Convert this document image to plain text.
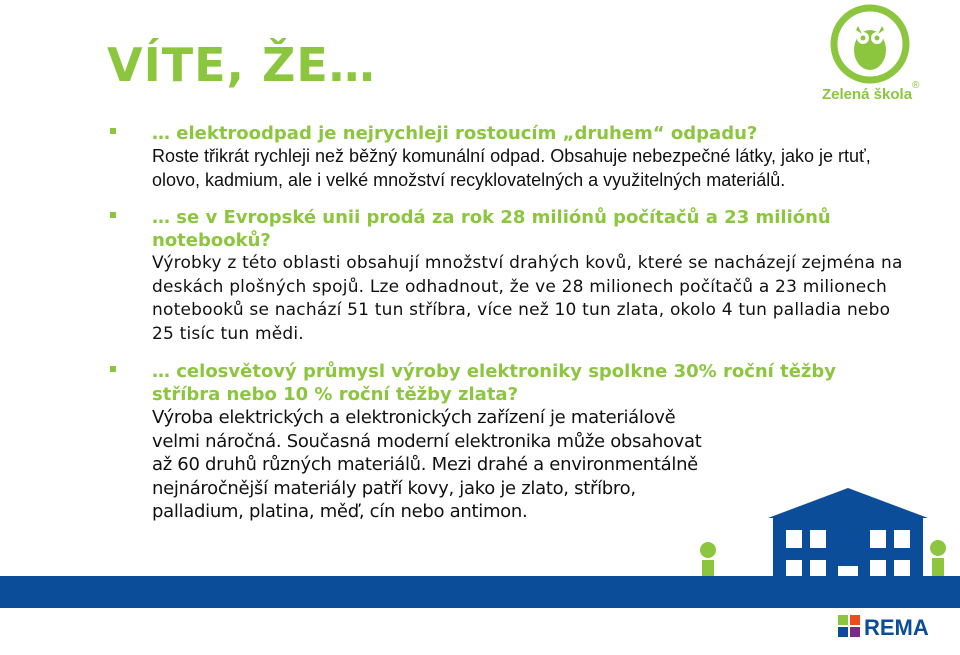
VÍTE, ŽE…
Zelená škola
®

… elektroodpad je nejrychleji rostoucím „druhem“ odpadu?

Roste třikrát rychleji než běžný komunální odpad. Obsahuje nebezpečné látky, jako je rtuť, olovo, kadmium, ale i velké množství recyklovatelných a využitelných materiálů.

… se v Evropské unii prodá za rok 28 miliónů počítačů a 23 miliónů notebooků?

Výrobky z této oblasti obsahují množství drahých kovů, které se nacházejí zejména na deskách plošných spojů. Lze odhadnout, že ve 28 milionech počítačů a 23 milionech notebooků se nachází 51 tun stříbra, více než 10 tun zlata, okolo 4 tun palladia nebo 25 tisíc tun mědi.

… celosvětový průmysl výroby elektroniky spolkne 30% roční těžby stříbra nebo 10 % roční těžby zlata?

Výroba elektrických a elektronických zařízení je materiálově velmi náročná. Současná moderní elektronika může obsahovat až 60 druhů různých materiálů. Mezi drahé a environmentálně nejnáročnější materiály patří kovy, jako je zlato, stříbro, palladium, platina, měď, cín nebo antimon.

REMA
